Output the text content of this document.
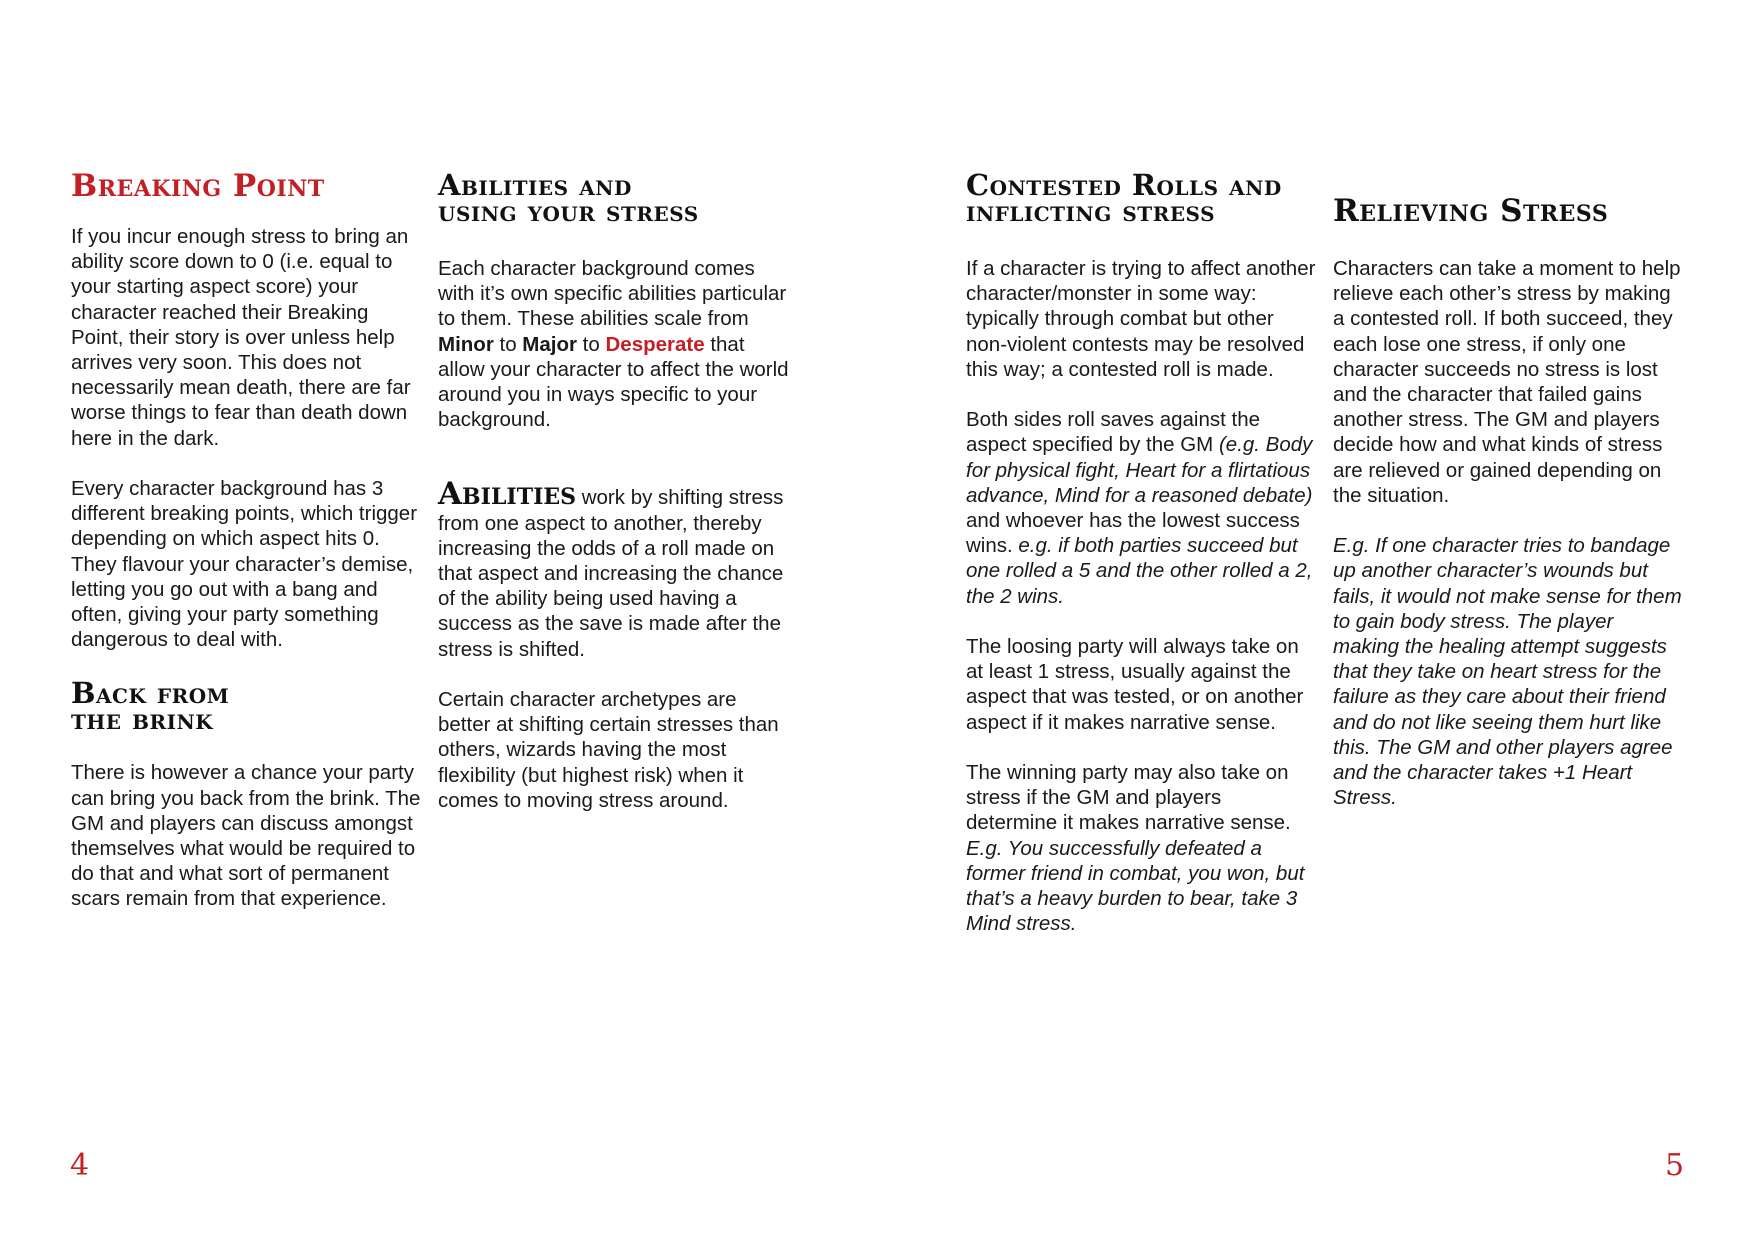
Breaking Point

If you incur enough stress to bring an ability score down to 0 (i.e. equal to your starting aspect score) your character reached their Breaking Point, their story is over unless help arrives very soon. This does not necessarily mean death, there are far worse things to fear than death down here in the dark.

Every character background has 3 different breaking points, which trigger depending on which aspect hits 0. They flavour your character’s demise, letting you go out with a bang and often, giving your party something dangerous to deal with.

Back from
the brink

There is however a chance your party can bring you back from the brink. The GM and players can discuss amongst themselves what would be required to do that and what sort of permanent scars remain from that experience.

Abilities and
using your stress

Each character background comes with it’s own specific abilities particular to them. These abilities scale from Minor to Major to Desperate that allow your character to affect the world around you in ways specific to your background.

Abilities work by shifting stress from one aspect to another, thereby increasing the odds of a roll made on that aspect and increasing the chance of the ability being used having a success as the save is made after the stress is shifted.

Certain character archetypes are better at shifting certain stresses than others, wizards having the most flexibility (but highest risk) when it comes to moving stress around.

Contested Rolls and
inflicting stress

If a character is trying to affect another character/monster in some way: typically through combat but other non-violent contests may be resolved this way; a contested roll is made.

Both sides roll saves against the aspect specified by the GM (e.g. Body for physical fight, Heart for a flirtatious advance, Mind for a reasoned debate) and whoever has the lowest success wins. e.g. if both parties succeed but one rolled a 5 and the other rolled a 2, the 2 wins.

The loosing party will always take on at least 1 stress, usually against the aspect that was tested, or on another aspect if it makes narrative sense.

The winning party may also take on stress if the GM and players determine it makes narrative sense. E.g. You successfully defeated a former friend in combat, you won, but that’s a heavy burden to bear, take 3 Mind stress.

Relieving Stress

Characters can take a moment to help relieve each other’s stress by making a contested roll. If both succeed, they each lose one stress, if only one character succeeds no stress is lost and the character that failed gains another stress. The GM and players decide how and what kinds of stress are relieved or gained depending on the situation.

E.g. If one character tries to bandage up another character’s wounds but fails, it would not make sense for them to gain body stress. The player making the healing attempt suggests that they take on heart stress for the failure as they care about their friend and do not like seeing them hurt like this. The GM and other players agree and the character takes +1 Heart Stress.

4	5
